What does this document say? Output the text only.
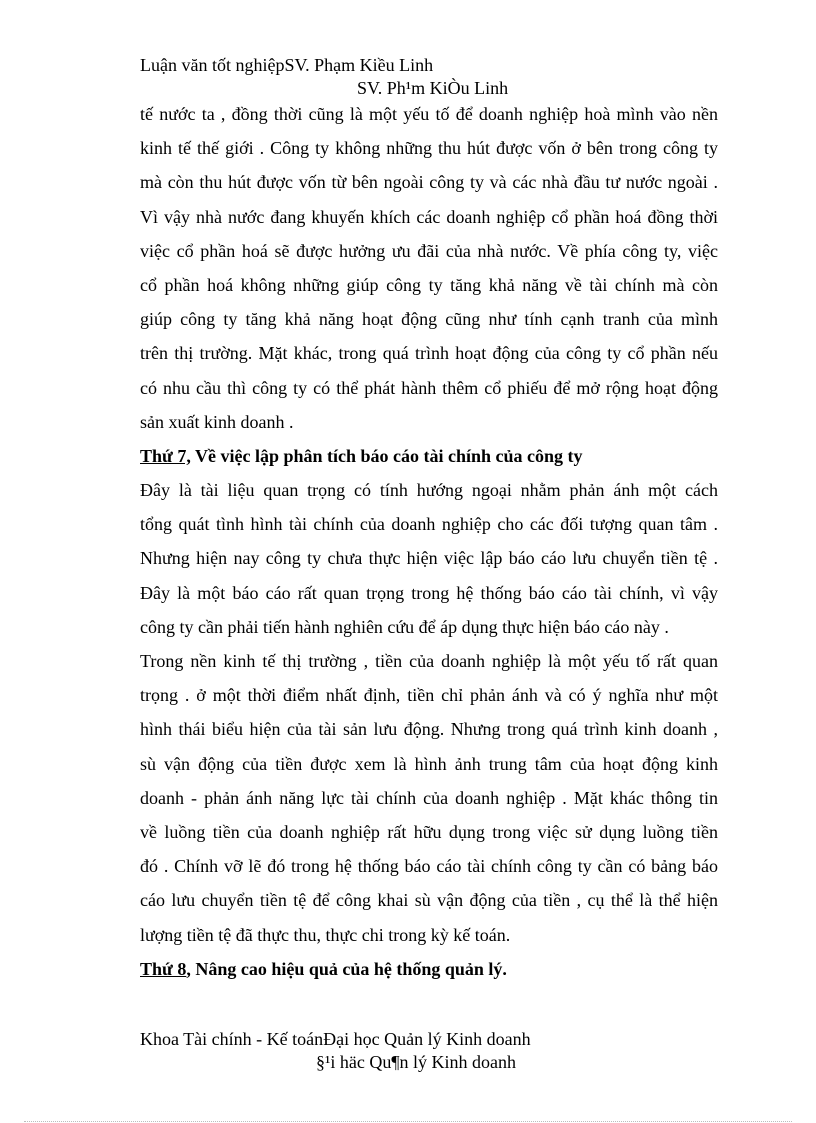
Luận văn tốt nghiệpSV. Phạm Kiều Linh
SV. Ph¹m KiÒu Linh
tế nước ta , đồng thời cũng là một yếu tố để doanh nghiệp hoà mình vào nền
kinh tế thế giới . Công ty không những thu hút được vốn ở bên trong công ty
mà còn thu hút được vốn từ bên ngoài công ty và các nhà đầu tư nước ngoài .
Vì vậy nhà nước đang khuyến khích các doanh nghiệp cổ phần hoá đồng thời
việc cổ phần hoá sẽ được hưởng ưu đãi của nhà nước. Về phía công ty, việc
cổ phần hoá không những giúp công ty tăng khả năng về tài chính mà còn
giúp công ty tăng khả năng hoạt động cũng như tính cạnh tranh của mình
trên thị trường. Mặt khác, trong quá trình hoạt động của công ty cổ phần nếu
có nhu cầu thì công ty có thể phát hành thêm cổ phiếu để mở rộng hoạt động
sản xuất kinh doanh .
Thứ 7, Về việc lập phân tích báo cáo tài chính của công ty
Đây là tài liệu quan trọng có tính hướng ngoại nhằm phản ánh một cách
tổng quát tình hình tài chính của doanh nghiệp cho các đối tượng quan tâm .
Nhưng hiện nay công ty chưa thực hiện việc lập báo cáo lưu chuyển tiền tệ .
Đây là một báo cáo rất quan trọng trong hệ thống báo cáo tài chính, vì vậy
công ty cần phải tiến hành nghiên cứu để áp dụng thực hiện báo cáo này .
Trong nền kinh tế thị trường , tiền của doanh nghiệp là một yếu tố rất quan
trọng . ở một thời điểm nhất định, tiền chỉ phản ánh và có ý nghĩa như một
hình thái biểu hiện của tài sản lưu động. Nhưng trong quá trình kinh doanh ,
sù vận động của tiền được xem là hình ảnh trung tâm của hoạt động kinh
doanh - phản ánh năng lực tài chính của doanh nghiệp . Mặt khác thông tin
về luồng tiền của doanh nghiệp rất hữu dụng trong việc sử dụng luồng tiền
đó . Chính vỡ lẽ đó trong hệ thống báo cáo tài chính công ty cần có bảng báo
cáo lưu chuyển tiền tệ để công khai sù vận động của tiền , cụ thể là thể hiện
lượng tiền tệ đã thực thu, thực chi trong kỳ kế toán.
Thứ 8, Nâng cao hiệu quả của hệ thống quản lý.
Khoa Tài chính - Kế toánĐại học Quản lý Kinh doanh
§¹i häc Qu¶n lý Kinh doanh
